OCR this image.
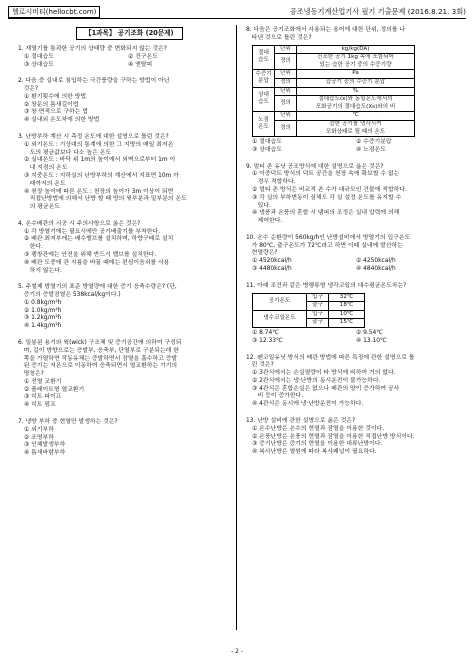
헬로시비티(hellocbt.com)	공조냉동기계산업기사 필기 기출문제 (2016.8.21. 3회)
【1과목】 공기조화 (20문제)
1. 재열기를 통과한 공기의 상태량 중 변화되지 않는 것은?
① 절대습도	② 건구온도
③ 상대습도	④ 엔탈피
2. 다음 중 실내로 침입하는 극간풍량을 구하는 방법이 아닌
것은?
① 환기횟수에 의한 방법
② 창문의 틈새길이법
③ 창 면적으로 구하는 법
④ 실내외 온도차에 의한 방법
3. 난방부하 계산 시 측정 온도에 대한 설명으로 틀린 것은?
① 외기온도 : 기상대의 통계에 의한 그 지방의 매일 최저온
도의 평균값보다 다소 높은 온도
② 실내온도 : 바닥 위 1m의 높이에서 외벽으로부터 1m 이
내 지점의 온도
③ 지중온도 : 지하실의 난방부하의 계산에서 지표면 10m 아
래까지의 온도
④ 천장 높이에 따른 온도 : 천장의 높이가 3m 이상이 되면
직접난방법에 의해서 난방 할 때 방의 윗부분과 밑부분의 온도
의 평균온도
4. 온수배관의 시공 시 주의사항으로 옳은 것은?
① 각 방열기에는 필요시에만 공기배출기를 부착한다.
② 배관 최저부에는 배수밸브를 설치하며, 하향구배로 설치
한다.
③ 팽창관에는 안전을 위해 반드시 밸브를 설치한다.
④ 배관 도중에 관 지름을 바꿀 때에는 편심이음쇠를 사용
하지 않는다.
5. 주철제 방열기의 표준 방열량에 대한 증기 응축수량은? (단,
증기의 증발잠열은 538kcal/kg이다.)
① 0.8kg/m²h
② 1.0kg/m²h
③ 1.2kg/m²h
④ 1.4kg/m²h
6. 밀봉된 용기와 윅(wick) 구조체 및 증기공간에 의하여 구성되
며, 길이 방향으로는 증발부, 응축부, 단열부로 구분되는데 한
쪽을 가열하면 작동유체는 증발하면서 잠열을 흡수하고 증발
된 증기는 저온으로 이동하여 응축되면서 열교환하는 기기의
명칭은?
① 전열 교환기
② 플레이트형 열교환기
③ 히트 파이프
④ 히트 펌프
7. 냉방 부하 중 현열만 발생하는 것은?
① 외기부하
② 조명부하
③ 인체발생부하
④ 틈새바람부하
8. 다음은 공기조화에서 사용되는 용어에 대한 단위, 정의를 나
타낸 것으로 틀린 것은?
절대
습도	단위	kg/kg(DA)
	정의	건조한 공기 1kg 속에 포함되어
있는 습한 공기 중의 수증기량
수증기
분압	단위	Pa
	정의	습공기 중의 수증기 분압
상대
습도	단위	%
	정의	절대습도(x)와 동일온도에서의
포화공기의 절대습도(Xs)와의 비
노점
온도	단위	℃
	정의	습한 공기를 냉각시켜
포화상태로 될 때의 온도
① 절대습도	② 수증기분압
③ 상대습도	④ 노점온도
9. 멀티 존 유닛 공조방식에 대한 설명으로 옳은 것은?
① 이중덕트 방식의 덕트 공간을 천장 속에 확보할 수 없는
경우 적합하다.
② 멀티 존 방식은 비교적 존 수가 대규모인 건물에 적합하다.
③ 각 실의 부하변동이 심해도 각 실 설정 온도를 유지할 수
있다.
④ 냉풍과 온풍의 혼합 시 댐퍼의 조정은 실내 압력에 의해
제어한다.
10. 온수 순환량이 560kg/h인 난방설비에서 방열기의 입구온도
가 80℃, 출구온도가 72℃라고 하면 이때 실내에 발산하는
현열량은?
① 4520kcal/h	② 4250kcal/h
③ 4480kcal/h	④ 4840kcal/h
11. 아래 조건과 같은 병행류형 냉각코일의 대수평균온도차는?
공기온도	입구	32℃
	출구	18℃
냉수코일온도	입구	10℃
	출구	15℃
① 8.74℃	② 9.54℃
③ 12.33℃	④ 13.10℃
12. 팬코일유닛 방식의 배관 방법에 따른 특징에 관한 설명으로 틀
린 것은?
① 3관식에서는 손실열량이 타 방식에 비하여 거의 없다.
② 2관식에서는 냉·난방의 동시운전이 불가능하다.
③ 4관식은 혼합손실은 없으나 배관의 양이 증가하여 공사
비 등이 증가한다.
④ 4관식은 동시에 냉·난방운전이 가능하다.
13. 난방 설비에 관한 설명으로 옳은 것은?
① 온수난방은 온수의 현열과 잠열을 이용한 것이다.
② 온풍난방은 온풍의 현열과 잠열을 이용한 직접난방 방식이다.
③ 증기난방은 증기의 현열을 이용한 대류난방이다.
④ 복사난방은 열원에 따라 복사패널이 필요하다.
- 2 -
